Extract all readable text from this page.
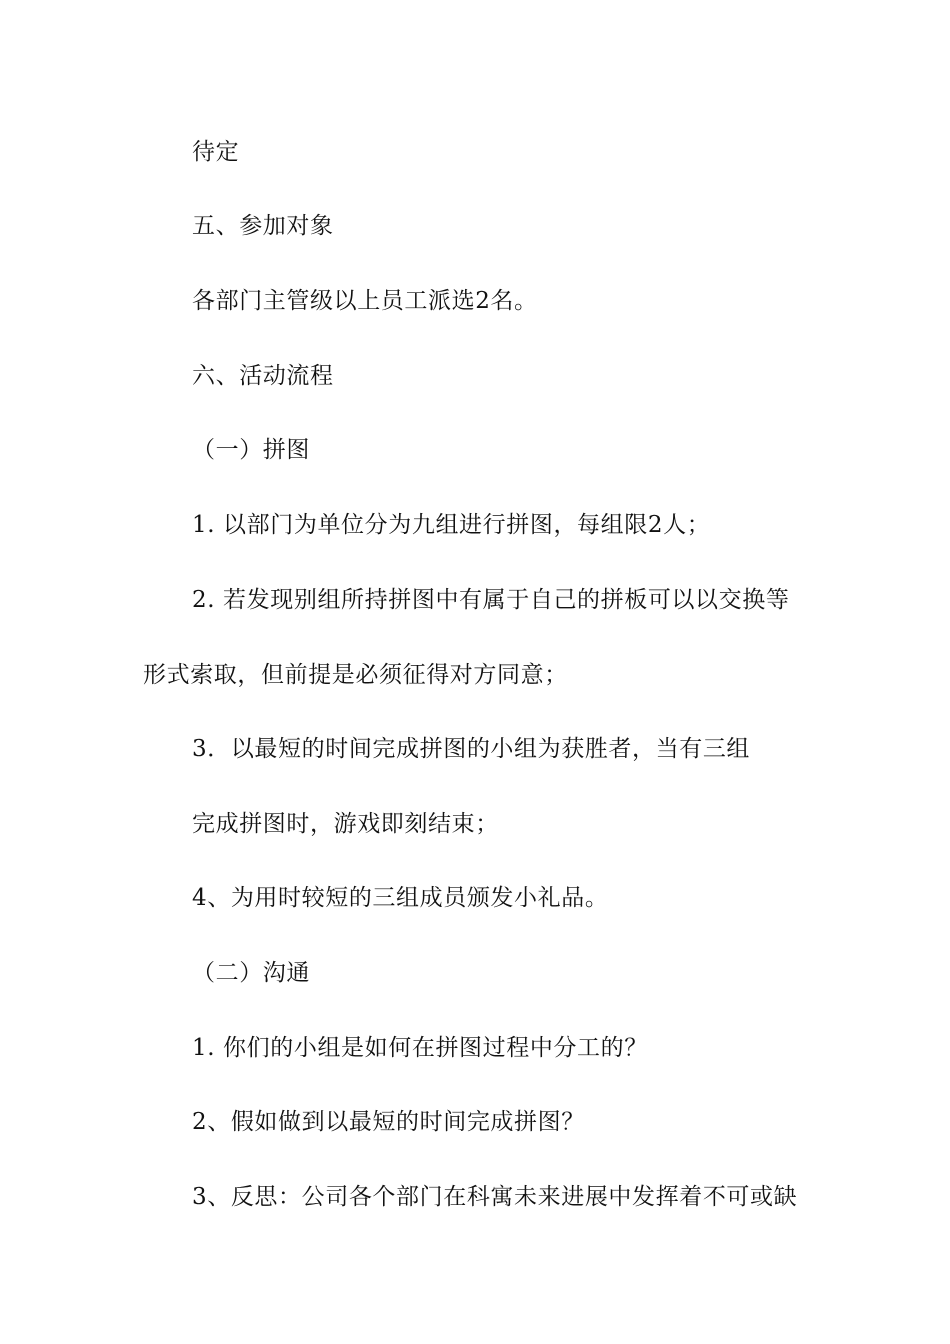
待定

五、参加对象

各部门主管级以上员工派选2名。

六、活动流程

（一）拼图

1. 以部门为单位分为九组进行拼图，每组限2人；

2. 若发现别组所持拼图中有属于自己的拼板可以以交换等

形式索取，但前提是必须征得对方同意；

3．以最短的时间完成拼图的小组为获胜者，当有三组

完成拼图时，游戏即刻结束；

4、为用时较短的三组成员颁发小礼品。

（二）沟通

1. 你们的小组是如何在拼图过程中分工的？

2、假如做到以最短的时间完成拼图？

3、反思：公司各个部门在科寓未来进展中发挥着不可或缺
